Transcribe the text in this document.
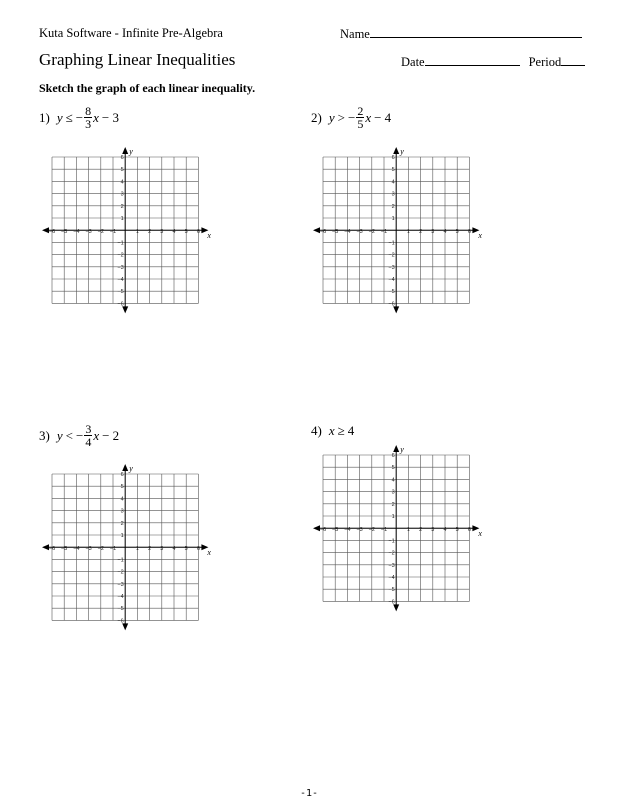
Kuta Software - Infinite Pre-Algebra	Name
Graphing Linear Inequalities	Date	Period
Sketch the graph of each linear inequality.
1) y ≤ − $\frac{8}{3}$ x − 3	2) y > − $\frac{2}{5}$ x − 4
3) y < − $\frac{3}{4}$ x − 2	4) x ≥ 4
x
y
−6
−6
−5
−5
−4
−4
−3
−3
−2
−2
−1
−1
1
1
2
2
3
3
4
4
5
5
6
6
x
y
−6
−6
−5
−5
−4
−4
−3
−3
−2
−2
−1
−1
1
1
2
2
3
3
4
4
5
5
6
6
x
y
−6
−6
−5
−5
−4
−4
−3
−3
−2
−2
−1
−1
1
1
2
2
3
3
4
4
5
5
6
6
x
y
−6
−6
−5
−5
−4
−4
−3
−3
−2
−2
−1
−1
1
1
2
2
3
3
4
4
5
5
6
6
-1-
